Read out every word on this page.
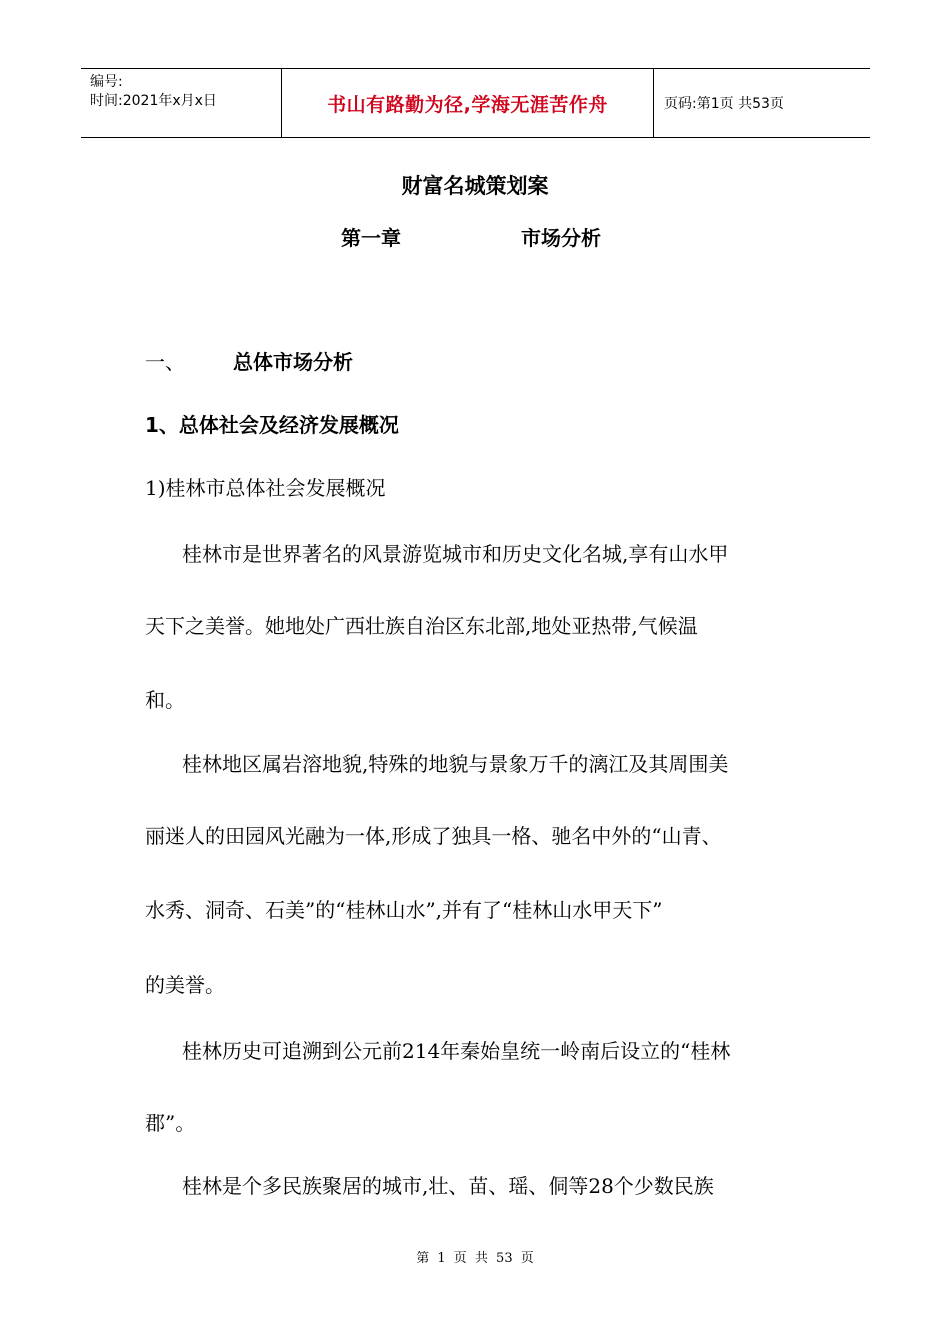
编号:
时间:2021年x月x日	书山有路勤为径,学海无涯苦作舟	页码:第1页 共53页
财富名城策划案
第一章	市场分析
一、 总体市场分析
1、总体社会及经济发展概况
1)桂林市总体社会发展概况
桂林市是世界著名的风景游览城市和历史文化名城,享有山水甲
天下之美誉。她地处广西壮族自治区东北部,地处亚热带,气候温
和。
桂林地区属岩溶地貌,特殊的地貌与景象万千的漓江及其周围美
丽迷人的田园风光融为一体,形成了独具一格、驰名中外的“山青、
水秀、洞奇、石美”的“桂林山水”,并有了“桂林山水甲天下”
的美誉。
桂林历史可追溯到公元前214年秦始皇统一岭南后设立的“桂林
郡”。
桂林是个多民族聚居的城市,壮、苗、瑶、侗等28个少数民族
第 1 页 共 53 页
